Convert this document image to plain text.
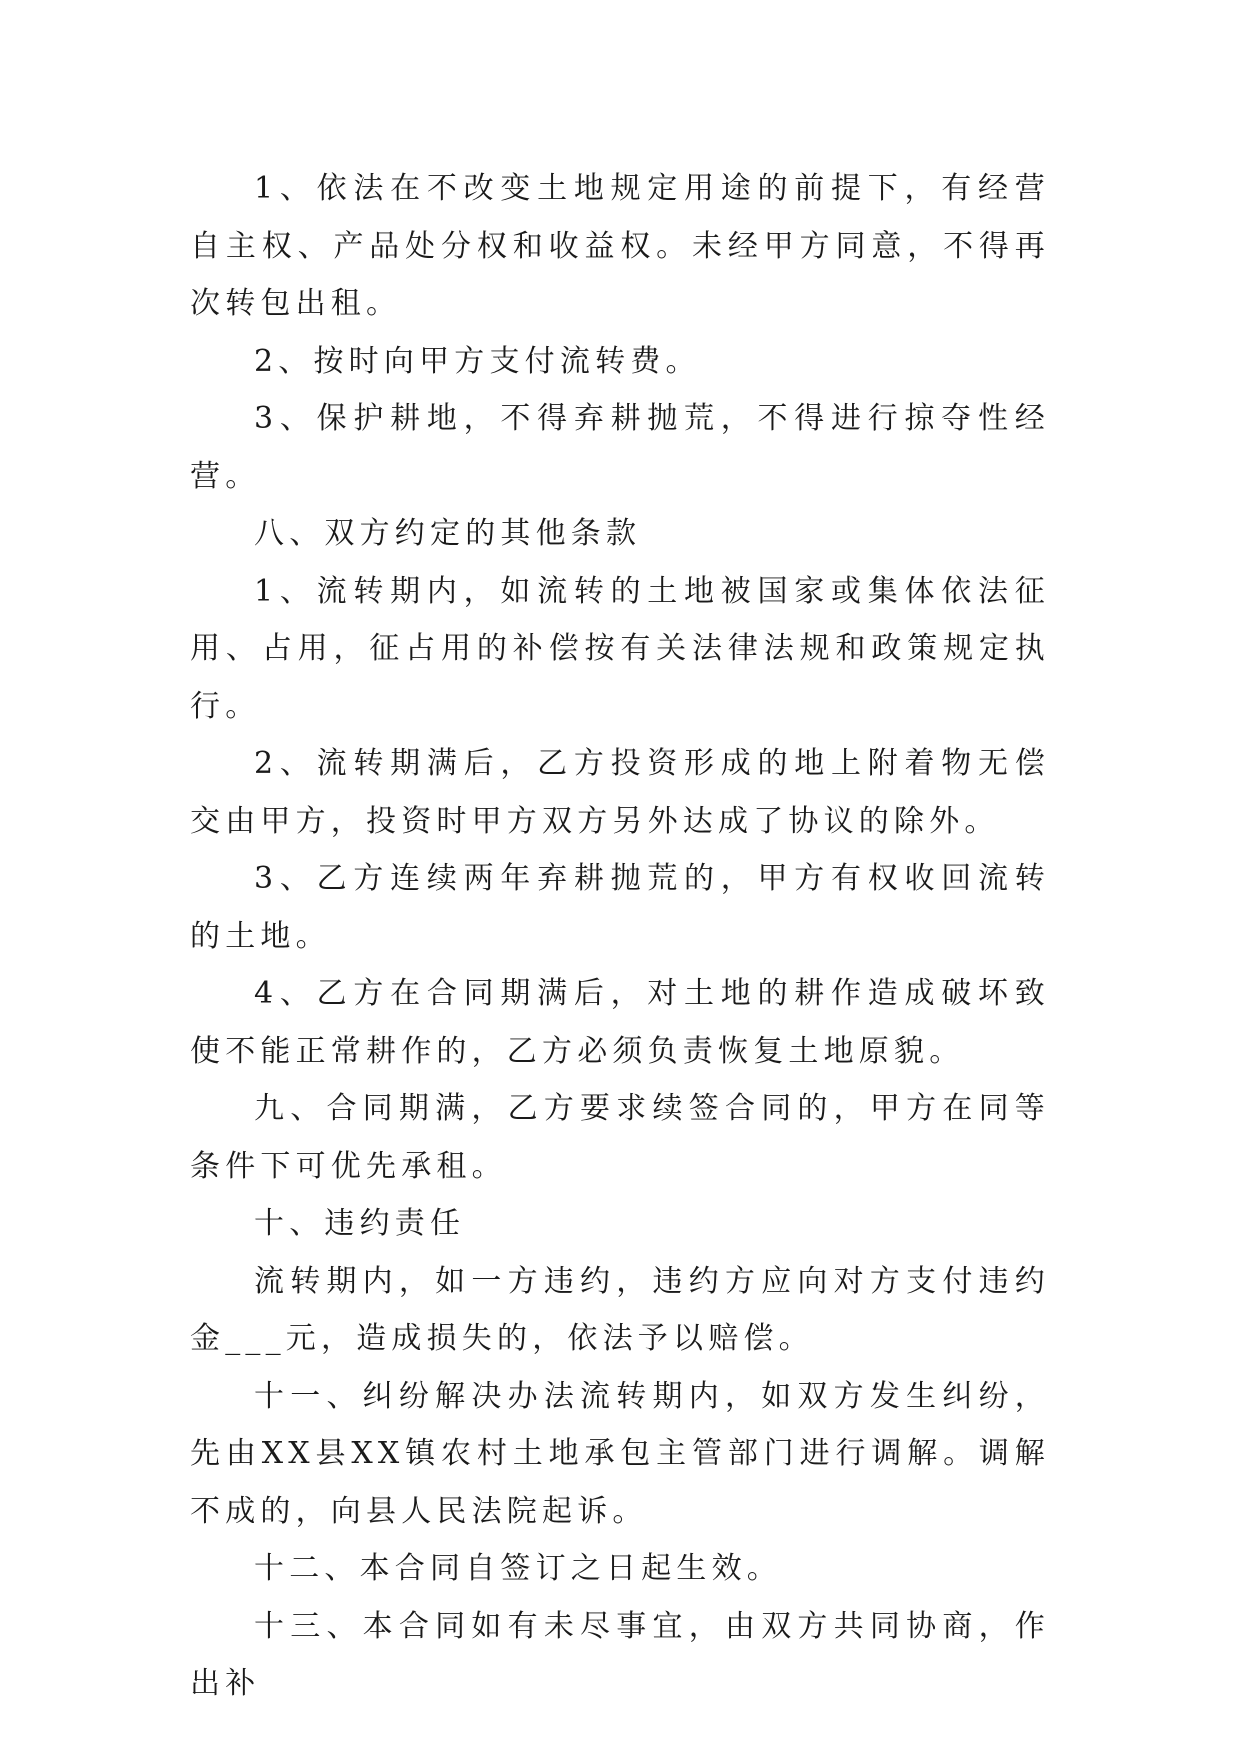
1、依法在不改变土地规定用途的前提下，有经营自主权、产品处分权和收益权。未经甲方同意，不得再次转包出租。

2、按时向甲方支付流转费。

3、保护耕地，不得弃耕抛荒，不得进行掠夺性经营。

八、双方约定的其他条款

1、流转期内，如流转的土地被国家或集体依法征用、占用，征占用的补偿按有关法律法规和政策规定执行。

2、流转期满后，乙方投资形成的地上附着物无偿交由甲方，投资时甲方双方另外达成了协议的除外。

3、乙方连续两年弃耕抛荒的，甲方有权收回流转的土地。

4、乙方在合同期满后，对土地的耕作造成破坏致使不能正常耕作的，乙方必须负责恢复土地原貌。

九、合同期满，乙方要求续签合同的，甲方在同等条件下可优先承租。

十、违约责任

流转期内，如一方违约，违约方应向对方支付违约金___元，造成损失的，依法予以赔偿。

十一、纠纷解决办法流转期内，如双方发生纠纷，先由XX县XX镇农村土地承包主管部门进行调解。调解不成的，向县人民法院起诉。

十二、本合同自签订之日起生效。

十三、本合同如有未尽事宜，由双方共同协商，作出补
